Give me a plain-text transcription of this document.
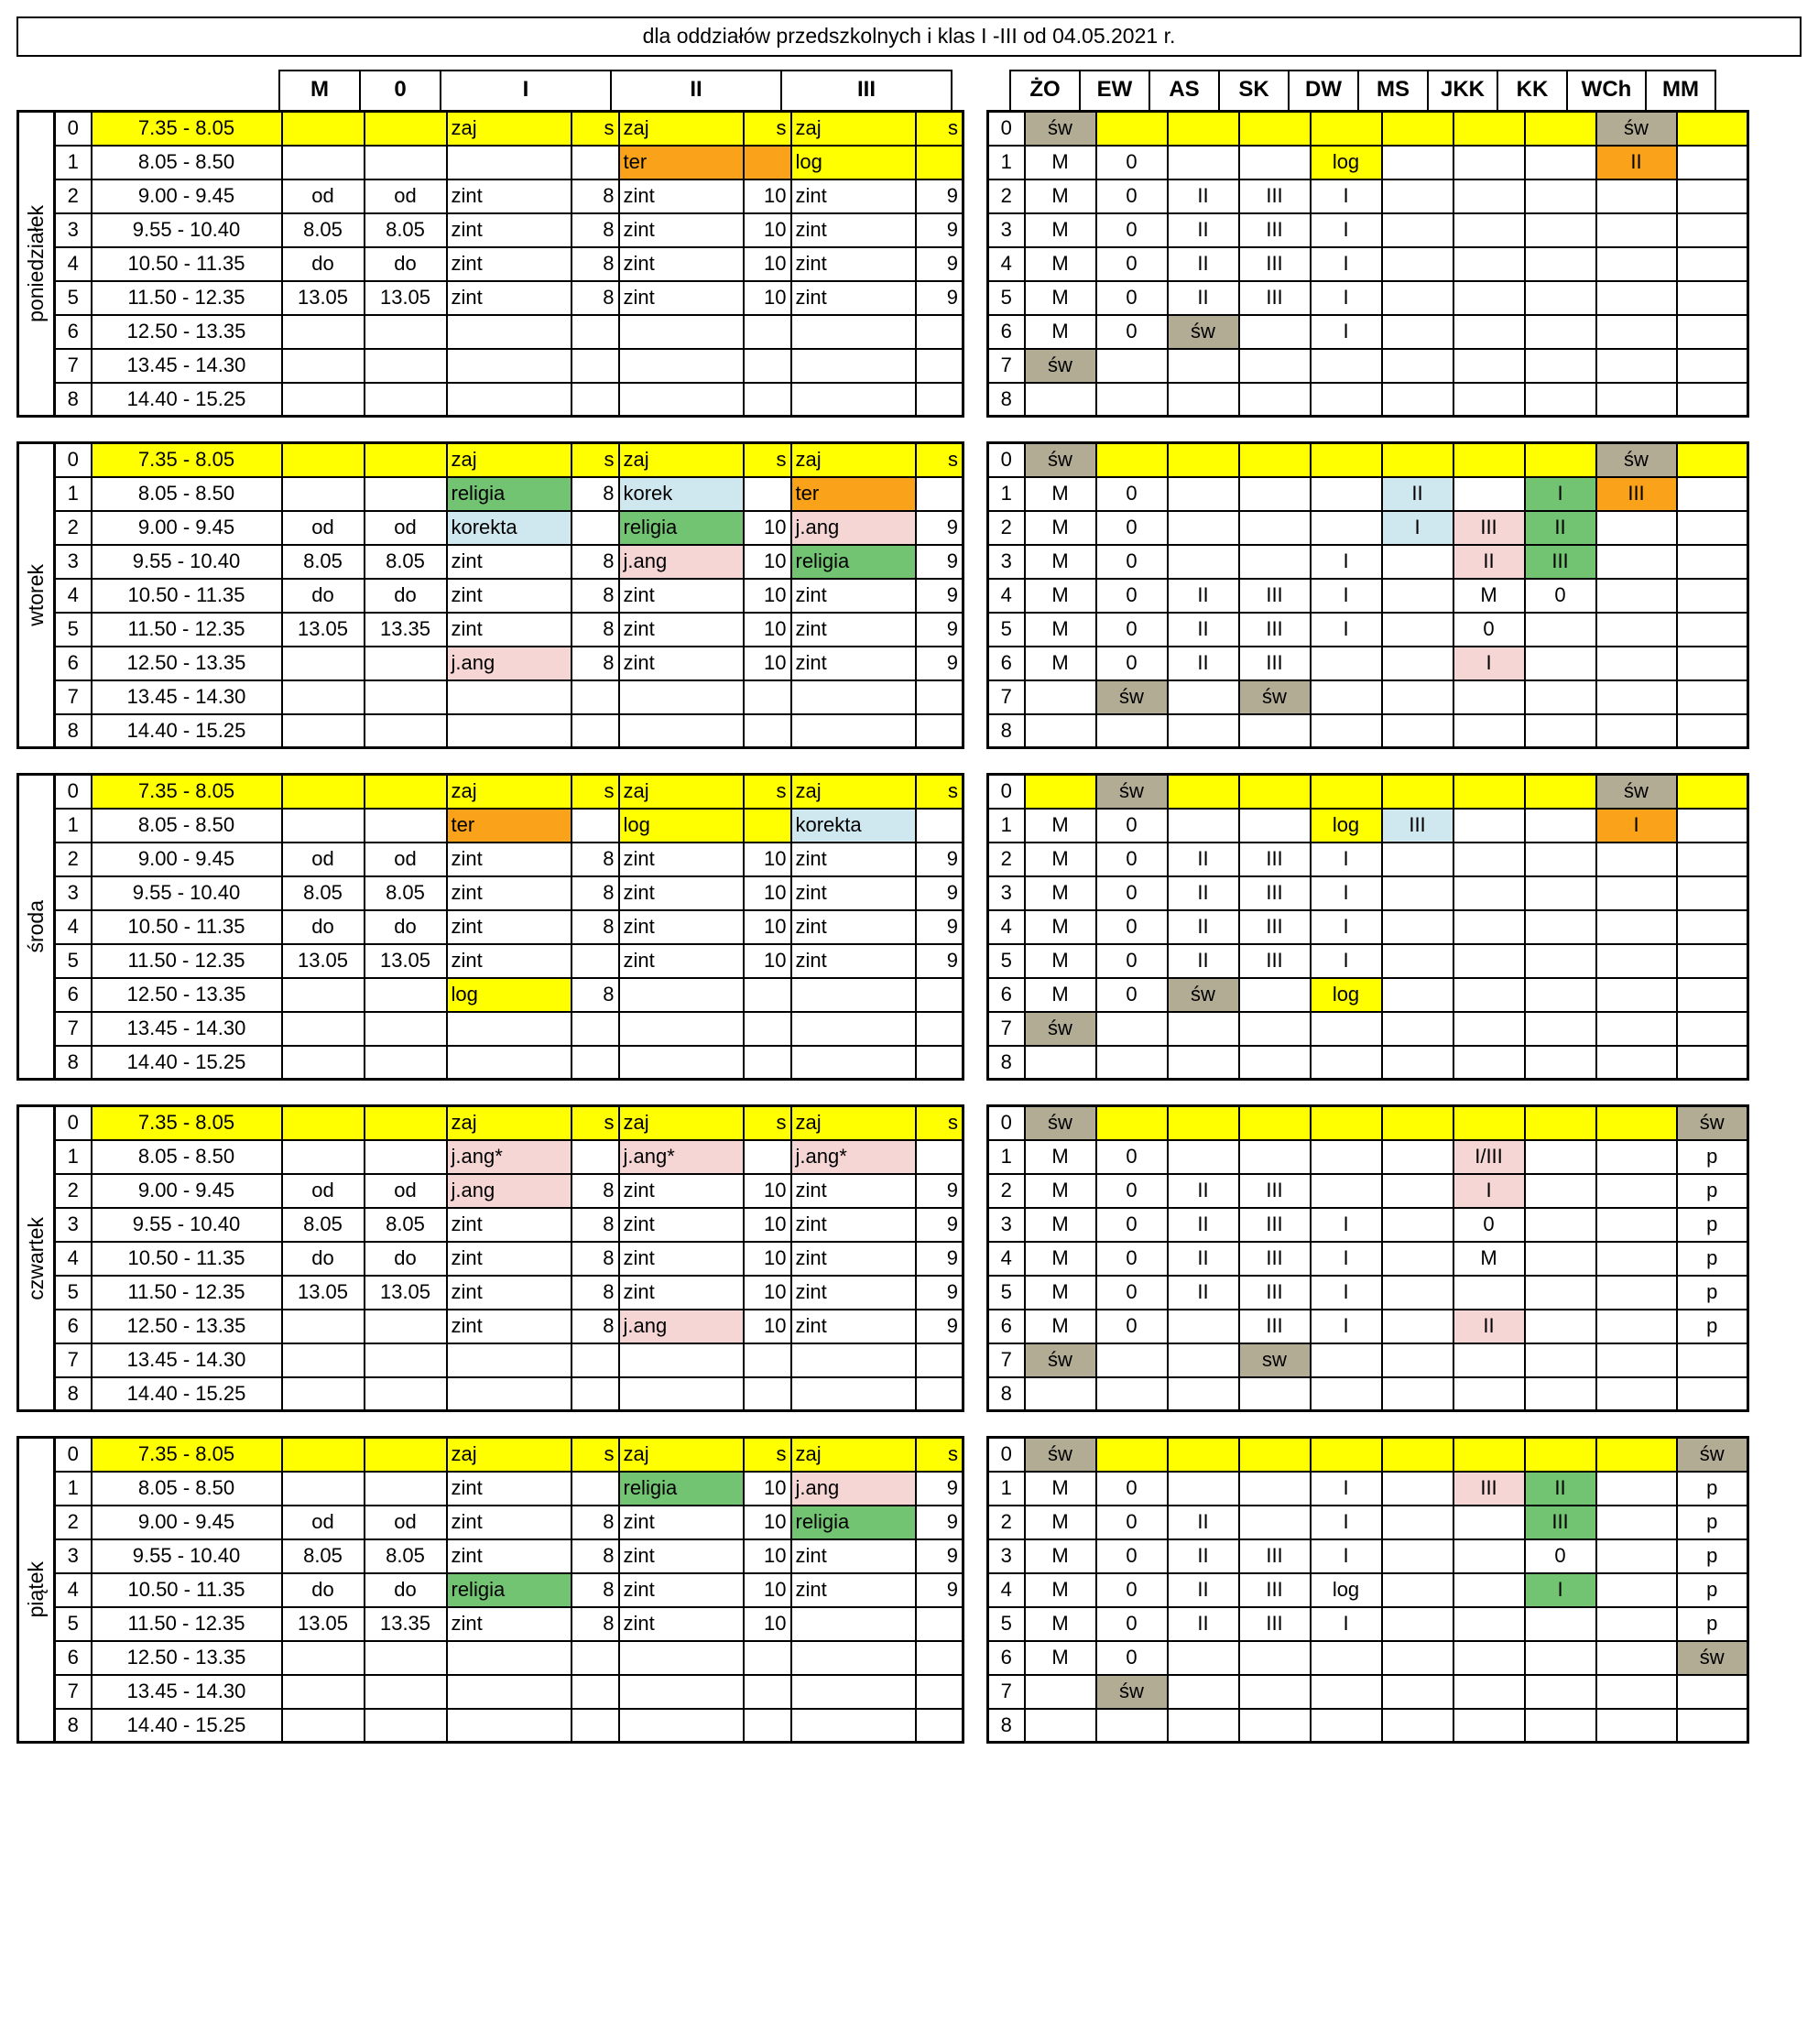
dla oddziałów przedszkolnych i klas I -III od 04.05.2021 r.
M	0	I	II	III	ŻO	EW	AS	SK	DW	MS	JKK	KK	WCh	MM
poniedziałek
0	7.35 - 8.05			zaj	s	zaj	s	zaj	s
1	8.05 - 8.50					ter		log	
2	9.00 - 9.45	od	od	zint	8	zint	10	zint	9
3	9.55 - 10.40	8.05	8.05	zint	8	zint	10	zint	9
4	10.50 - 11.35	do	do	zint	8	zint	10	zint	9
5	11.50 - 12.35	13.05	13.05	zint	8	zint	10	zint	9
6	12.50 - 13.35								
7	13.45 - 14.30								
8	14.40 - 15.25								
0	św								św	
1	M	0			log				II	
2	M	0	II	III	I					
3	M	0	II	III	I					
4	M	0	II	III	I					
5	M	0	II	III	I					
6	M	0	św		I					
7	św									
8										
wtorek
0	7.35 - 8.05			zaj	s	zaj	s	zaj	s
1	8.05 - 8.50			religia	8	korek		ter	
2	9.00 - 9.45	od	od	korekta		religia	10	j.ang	9
3	9.55 - 10.40	8.05	8.05	zint	8	j.ang	10	religia	9
4	10.50 - 11.35	do	do	zint	8	zint	10	zint	9
5	11.50 - 12.35	13.05	13.35	zint	8	zint	10	zint	9
6	12.50 - 13.35			j.ang	8	zint	10	zint	9
7	13.45 - 14.30								
8	14.40 - 15.25								
0	św								św	
1	M	0				II		I	III	
2	M	0				I	III	II		
3	M	0			I		II	III		
4	M	0	II	III	I		M	0		
5	M	0	II	III	I		0			
6	M	0	II	III			I			
7		św		św						
8										
środa
0	7.35 - 8.05			zaj	s	zaj	s	zaj	s
1	8.05 - 8.50			ter		log		korekta	
2	9.00 - 9.45	od	od	zint	8	zint	10	zint	9
3	9.55 - 10.40	8.05	8.05	zint	8	zint	10	zint	9
4	10.50 - 11.35	do	do	zint	8	zint	10	zint	9
5	11.50 - 12.35	13.05	13.05	zint		zint	10	zint	9
6	12.50 - 13.35			log	8				
7	13.45 - 14.30								
8	14.40 - 15.25								
0		św							św	
1	M	0			log	III			I	
2	M	0	II	III	I					
3	M	0	II	III	I					
4	M	0	II	III	I					
5	M	0	II	III	I					
6	M	0	św		log					
7	św									
8										
czwartek
0	7.35 - 8.05			zaj	s	zaj	s	zaj	s
1	8.05 - 8.50			j.ang*		j.ang*		j.ang*	
2	9.00 - 9.45	od	od	j.ang	8	zint	10	zint	9
3	9.55 - 10.40	8.05	8.05	zint	8	zint	10	zint	9
4	10.50 - 11.35	do	do	zint	8	zint	10	zint	9
5	11.50 - 12.35	13.05	13.05	zint	8	zint	10	zint	9
6	12.50 - 13.35			zint	8	j.ang	10	zint	9
7	13.45 - 14.30								
8	14.40 - 15.25								
0	św									św
1	M	0					I/III			p
2	M	0	II	III			I			p
3	M	0	II	III	I		0			p
4	M	0	II	III	I		M			p
5	M	0	II	III	I					p
6	M	0		III	I		II			p
7	św			sw						
8										
piątek
0	7.35 - 8.05			zaj	s	zaj	s	zaj	s
1	8.05 - 8.50			zint		religia	10	j.ang	9
2	9.00 - 9.45	od	od	zint	8	zint	10	religia	9
3	9.55 - 10.40	8.05	8.05	zint	8	zint	10	zint	9
4	10.50 - 11.35	do	do	religia	8	zint	10	zint	9
5	11.50 - 12.35	13.05	13.35	zint	8	zint	10		
6	12.50 - 13.35								
7	13.45 - 14.30								
8	14.40 - 15.25								
0	św									św
1	M	0			I		III	II		p
2	M	0	II		I			III		p
3	M	0	II	III	I			0		p
4	M	0	II	III	log			I		p
5	M	0	II	III	I					p
6	M	0								św
7		św								
8										
